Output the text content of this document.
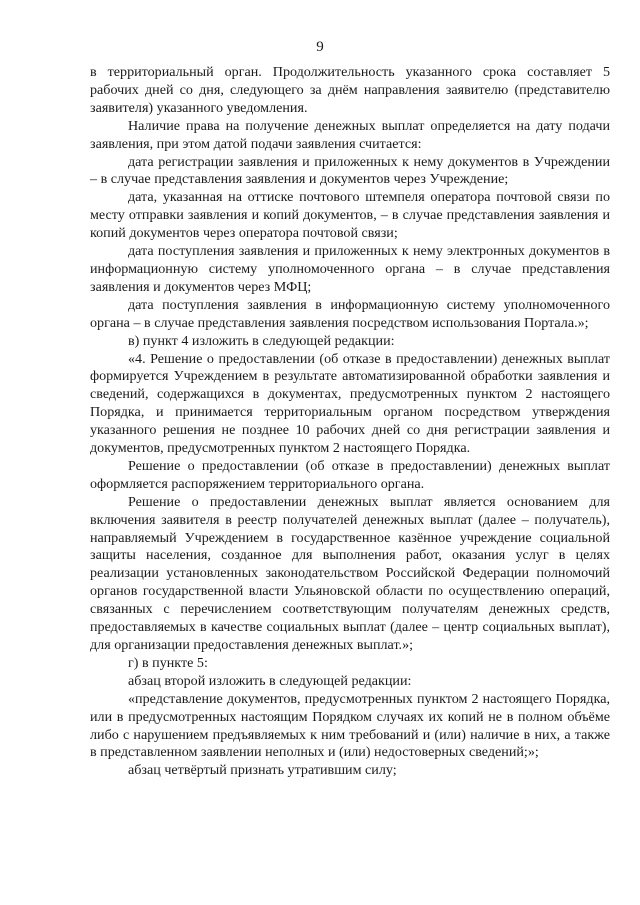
9

в территориальный орган. Продолжительность указанного срока составляет 5 рабочих дней со дня, следующего за днём направления заявителю (представителю заявителя) указанного уведомления.

Наличие права на получение денежных выплат определяется на дату подачи заявления, при этом датой подачи заявления считается:

дата регистрации заявления и приложенных к нему документов в Учреждении – в случае представления заявления и документов через Учреждение;

дата, указанная на оттиске почтового штемпеля оператора почтовой связи по месту отправки заявления и копий документов, – в случае представления заявления и копий документов через оператора почтовой связи;

дата поступления заявления и приложенных к нему электронных документов в информационную систему уполномоченного органа – в случае представления заявления и документов через МФЦ;

дата поступления заявления в информационную систему уполномоченного органа – в случае представления заявления посредством использования Портала.»;

в) пункт 4 изложить в следующей редакции:

«4. Решение о предоставлении (об отказе в предоставлении) денежных выплат формируется Учреждением в результате автоматизированной обработки заявления и сведений, содержащихся в документах, предусмотренных пунктом 2 настоящего Порядка, и принимается территориальным органом посредством утверждения указанного решения не позднее 10 рабочих дней со дня регистрации заявления и документов, предусмотренных пунктом 2 настоящего Порядка.

Решение о предоставлении (об отказе в предоставлении) денежных выплат оформляется распоряжением территориального органа.

Решение о предоставлении денежных выплат является основанием для включения заявителя в реестр получателей денежных выплат (далее – получатель), направляемый Учреждением в государственное казённое учреждение социальной защиты населения, созданное для выполнения работ, оказания услуг в целях реализации установленных законодательством Российской Федерации полномочий органов государственной власти Ульяновской области по осуществлению операций, связанных с перечислением соответствующим получателям денежных средств, предоставляемых в качестве социальных выплат (далее – центр социальных выплат), для организации предоставления денежных выплат.»;

г) в пункте 5:

абзац второй изложить в следующей редакции:

«представление документов, предусмотренных пунктом 2 настоящего Порядка, или в предусмотренных настоящим Порядком случаях их копий не в полном объёме либо с нарушением предъявляемых к ним требований и (или) наличие в них, а также в представленном заявлении неполных и (или) недостоверных сведений;»;

абзац четвёртый признать утратившим силу;
